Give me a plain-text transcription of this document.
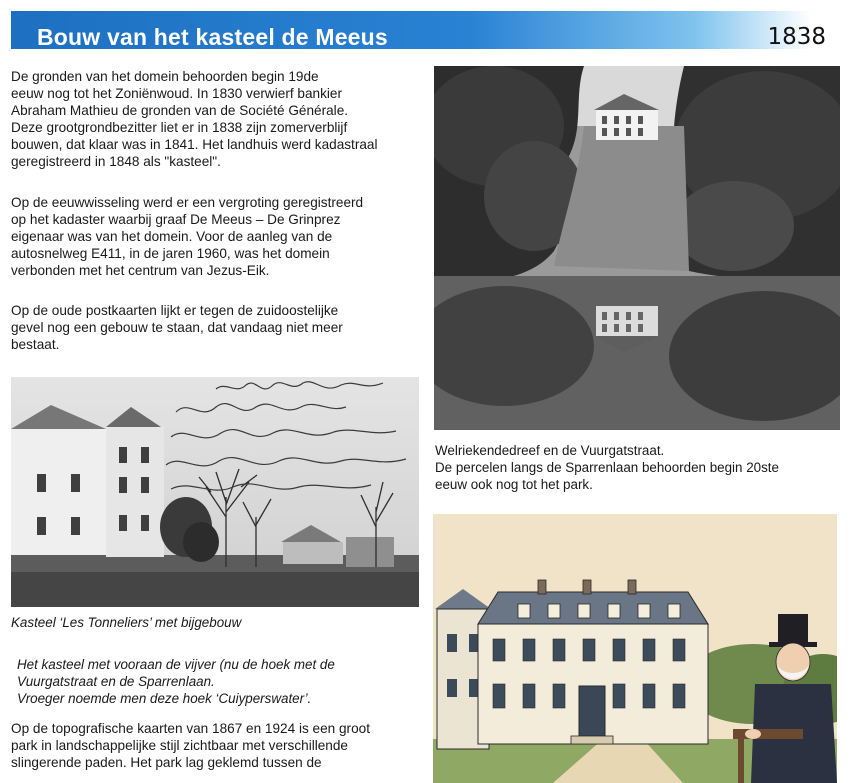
Bouw van het kasteel de Meeus	1838

De gronden van het domein behoorden begin 19de
eeuw nog tot het Zoniënwoud. In 1830 verwierf bankier
Abraham Mathieu de gronden van de Société Générale.
Deze grootgrondbezitter liet er in 1838 zijn zomerverblijf
bouwen, dat klaar was in 1841. Het landhuis werd kadastraal
geregistreerd in 1848 als "kasteel".

Op de eeuwwisseling werd er een vergroting geregistreerd
op het kadaster waarbij graaf De Meeus – De Grinprez
eigenaar was van het domein. Voor de aanleg van de
autosnelweg E411, in de jaren 1960, was het domein
verbonden met het centrum van Jezus-Eik.

Op de oude postkaarten lijkt er tegen de zuidoostelijke
gevel nog een gebouw te staan, dat vandaag niet meer
bestaat.

Kasteel ‘Les Tonneliers’ met bijgebouw

Het kasteel met vooraan de vijver (nu de hoek met de
Vuurgatstraat en de Sparrenlaan.
Vroeger noemde men deze hoek ‘Cuiyperswater’.

Op de topografische kaarten van 1867 en 1924 is een groot
park in landschappelijke stijl zichtbaar met verschillende
slingerende paden. Het park lag geklemd tussen de

Welriekendedreef en de Vuurgatstraat.
De percelen langs de Sparrenlaan behoorden begin 20ste
eeuw ook nog tot het park.
